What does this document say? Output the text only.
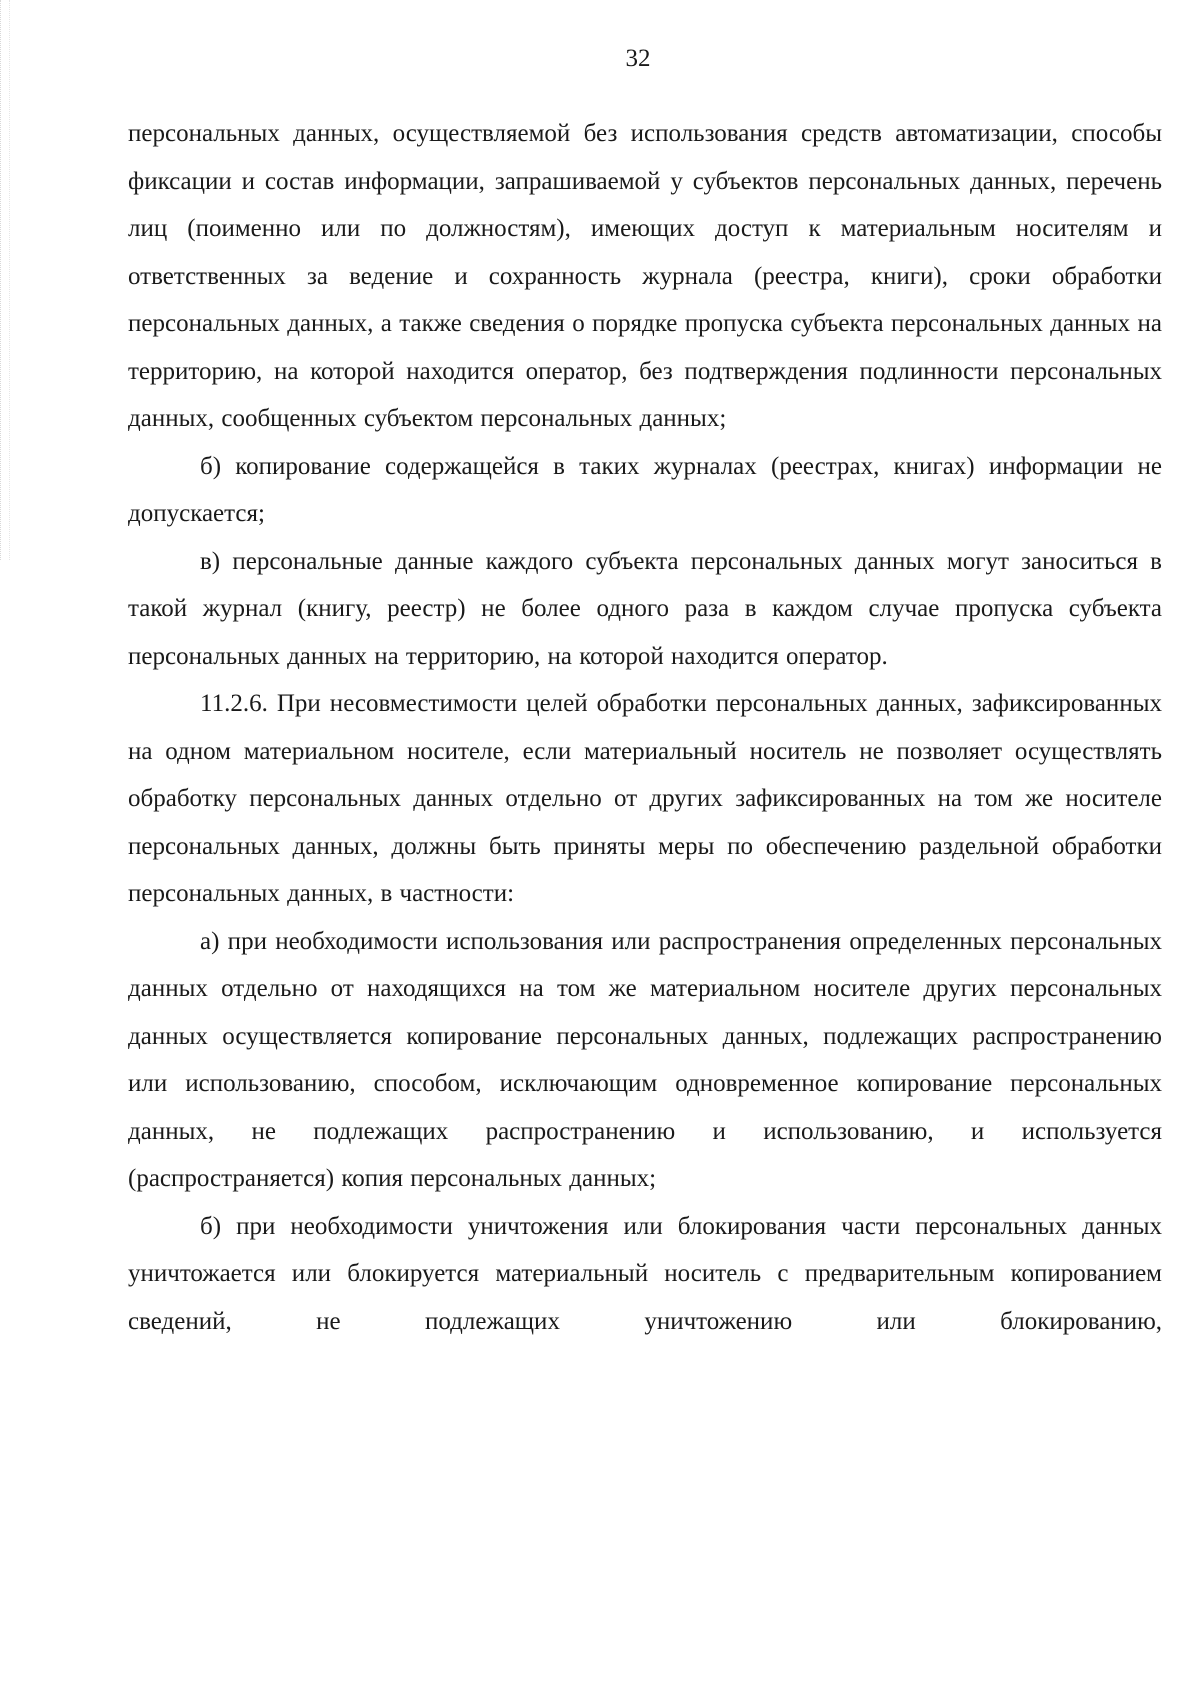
32

персональных данных, осуществляемой без использования средств автоматизации, способы фиксации и состав информации, запрашиваемой у субъектов персональных данных, перечень лиц (поименно или по должностям), имеющих доступ к материальным носителям и ответственных за ведение и сохранность журнала (реестра, книги), сроки обработки персональных данных, а также сведения о порядке пропуска субъекта персональных данных на территорию, на которой находится оператор, без подтверждения подлинности персональных данных, сообщенных субъектом персональных данных;

б) копирование содержащейся в таких журналах (реестрах, книгах) информации не допускается;

в) персональные данные каждого субъекта персональных данных могут заноситься в такой журнал (книгу, реестр) не более одного раза в каждом случае пропуска субъекта персональных данных на территорию, на которой находится оператор.

11.2.6. При несовместимости целей обработки персональных данных, зафиксированных на одном материальном носителе, если материальный носитель не позволяет осуществлять обработку персональных данных отдельно от других зафиксированных на том же носителе персональных данных, должны быть приняты меры по обеспечению раздельной обработки персональных данных, в частности:

а) при необходимости использования или распространения определенных персональных данных отдельно от находящихся на том же материальном носителе других персональных данных осуществляется копирование персональных данных, подлежащих распространению или использованию, способом, исключающим одновременное копирование персональных данных, не подлежащих распространению и использованию, и используется (распространяется) копия персональных данных;

б) при необходимости уничтожения или блокирования части персональных данных уничтожается или блокируется материальный носитель с предварительным копированием сведений, не подлежащих уничтожению или блокированию,
